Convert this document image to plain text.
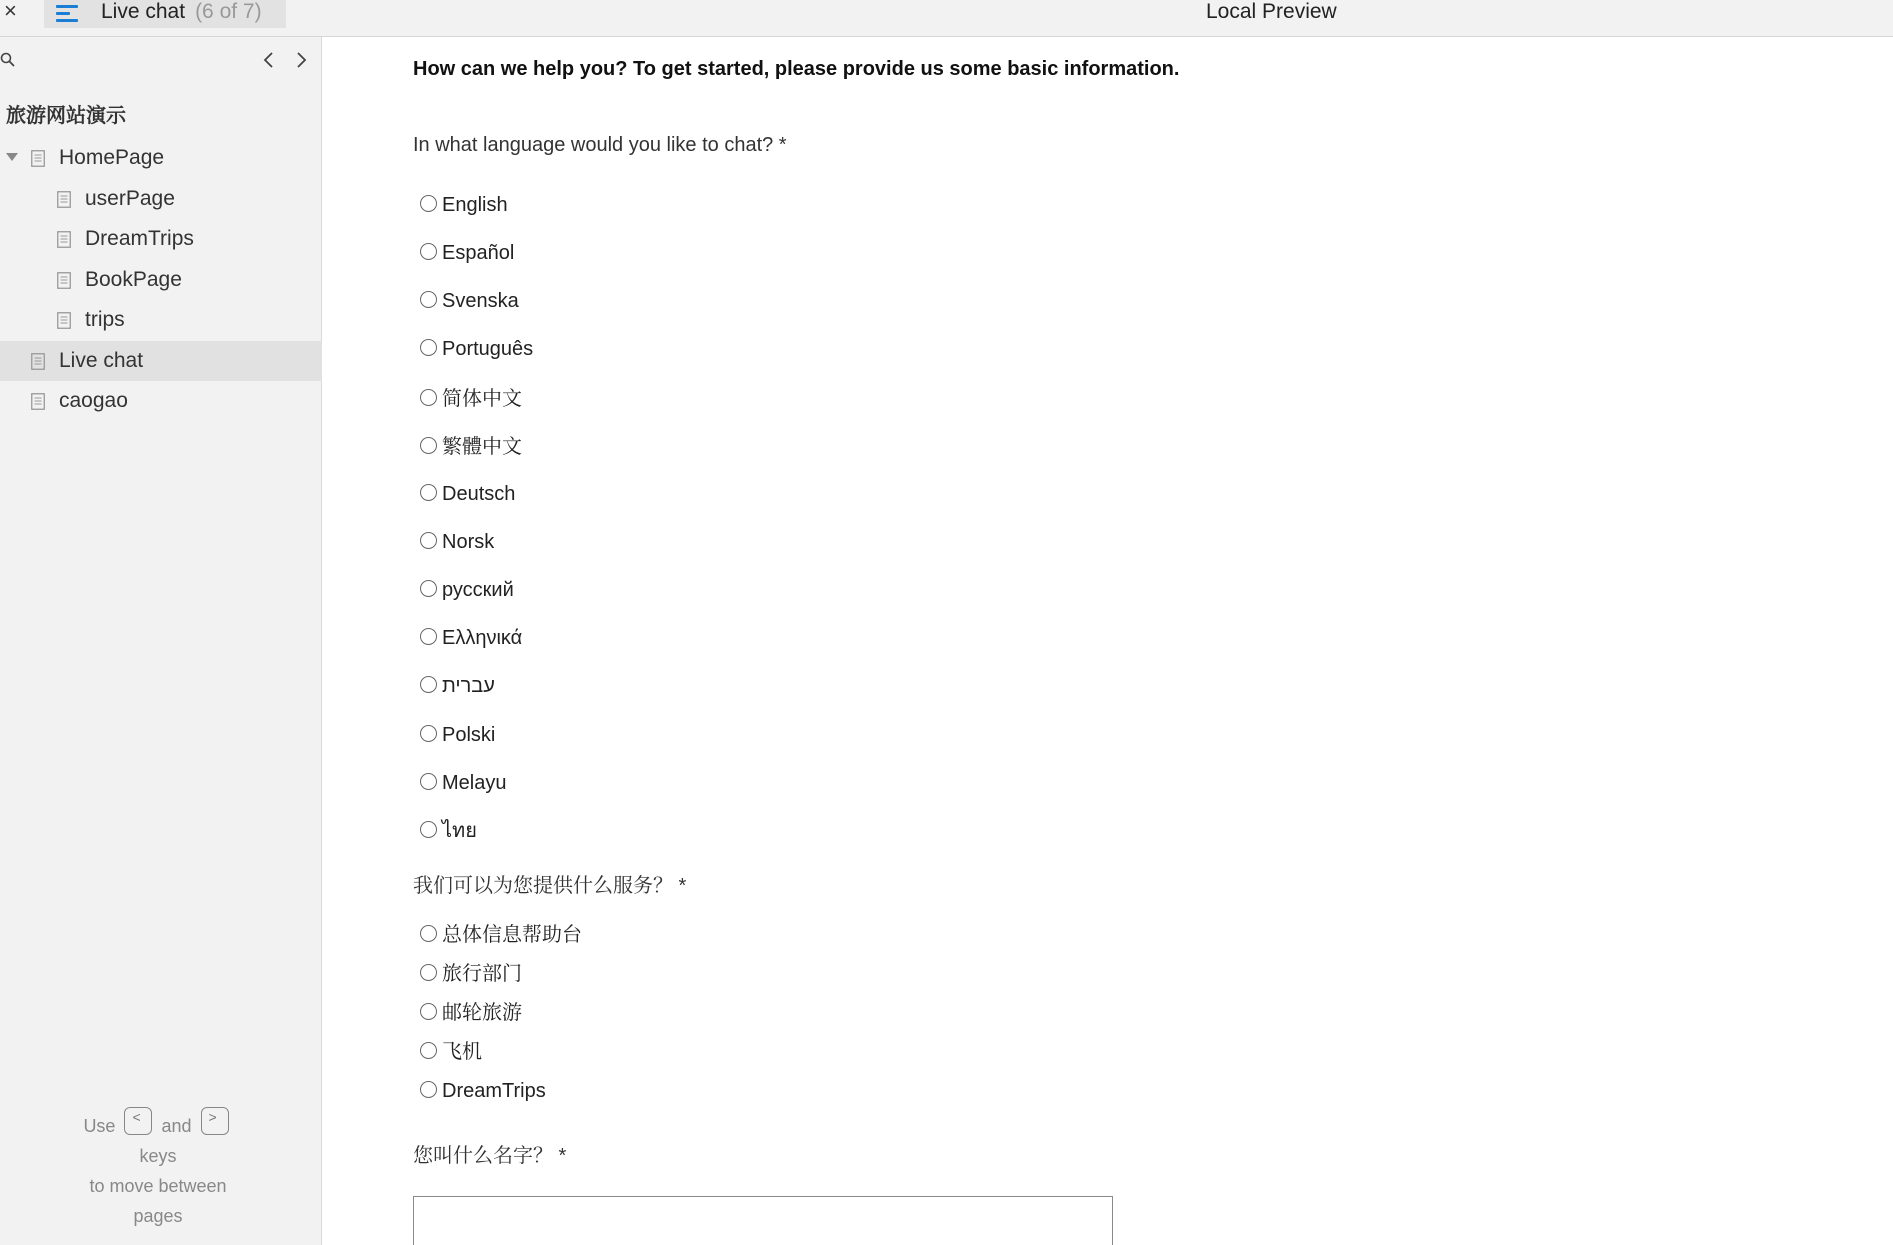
×	Live chat (6 of 7)	Local Preview
旅游网站演示
HomePage
userPage
DreamTrips
BookPage
trips
Live chat
caogao
Use < and >
keys
to move between
pages
How can we help you? To get started, please provide us some basic information.
In what language would you like to chat? *
English
Español
Svenska
Português
简体中文
繁體中文
Deutsch
Norsk
русский
Ελληνικά
עברית
Polski
Melayu
ไทย
我们可以为您提供什么服务？ *
总体信息帮助台
旅行部门
邮轮旅游
飞机
DreamTrips
您叫什么名字？ *
